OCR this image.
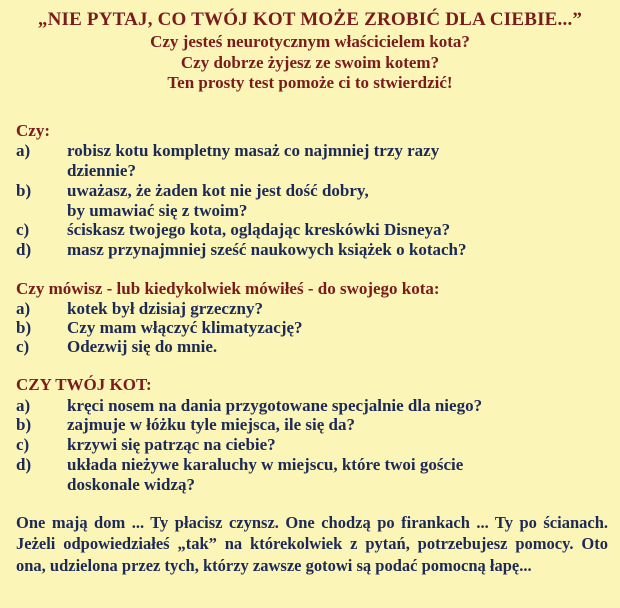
„NIE PYTAJ, CO TWÓJ KOT MOŻE ZROBIĆ DLA CIEBIE...”
Czy jesteś neurotycznym właścicielem kota?
Czy dobrze żyjesz ze swoim kotem?
Ten prosty test pomoże ci to stwierdzić!
Czy:
a)	robisz kotu kompletny masaż co najmniej trzy razy
dziennie?
b)	uważasz, że żaden kot nie jest dość dobry,
by umawiać się z twoim?
c)	ściskasz twojego kota, oglądając kreskówki Disneya?
d)	masz przynajmniej sześć naukowych książek o kotach?
Czy mówisz - lub kiedykolwiek mówiłeś - do swojego kota:
a)	kotek był dzisiaj grzeczny?
b)	Czy mam włączyć klimatyzację?
c)	Odezwij się do mnie.
CZY TWÓJ KOT:
a)	kręci nosem na dania przygotowane specjalnie dla niego?
b)	zajmuje w łóżku tyle miejsca, ile się da?
c)	krzywi się patrząc na ciebie?
d)	układa nieżywe karaluchy w miejscu, które twoi goście
doskonale widzą?
One mają dom ... Ty płacisz czynsz. One chodzą po firankach ... Ty po ścianach. Jeżeli odpowiedziałeś „tak” na którekolwiek z pytań, potrzebujesz pomocy. Oto ona, udzielona przez tych, którzy zawsze gotowi są podać pomocną łapę...
